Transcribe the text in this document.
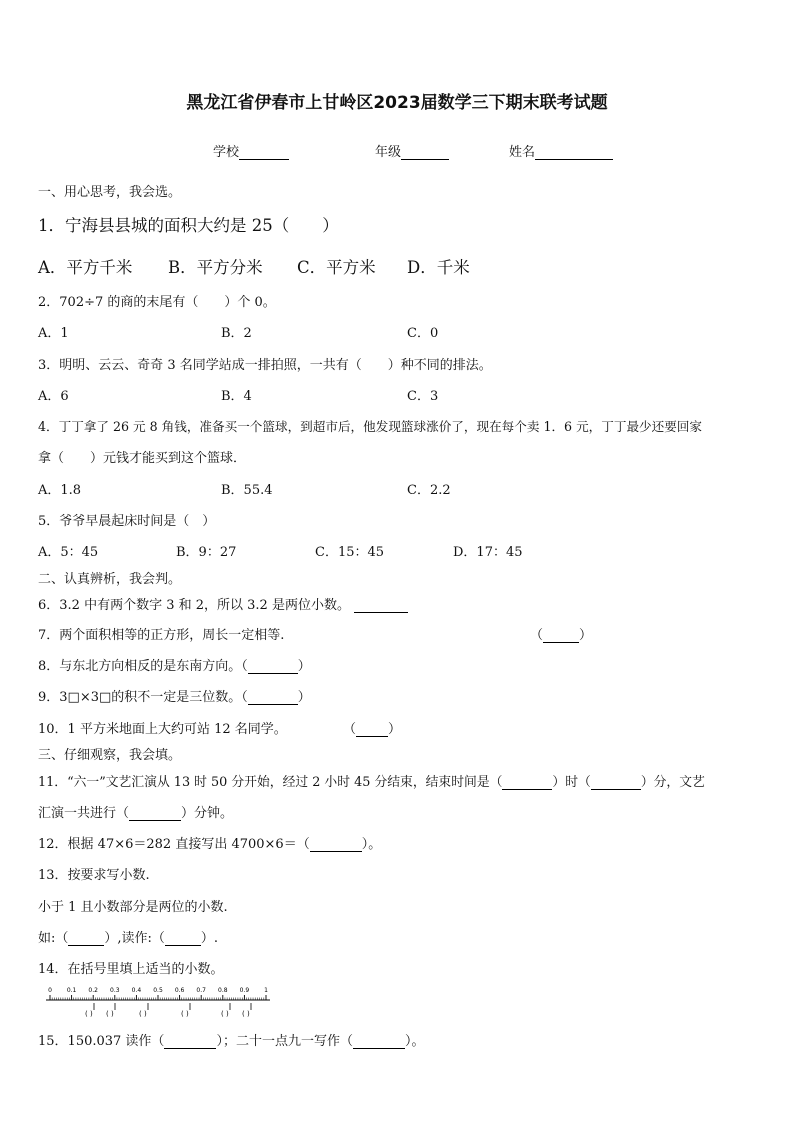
黑龙江省伊春市上甘岭区2023届数学三下期末联考试题
学校	年级	姓名
一、用心思考，我会选。
1．宁海县县城的面积大约是 25（　　）
A．平方千米 B．平方分米 C．平方米 D．千米
2．702÷7 的商的末尾有（　　）个 0。
A．1	B．2	C．0
3．明明、云云、奇奇 3 名同学站成一排拍照，一共有（　　）种不同的排法。
A．6	B．4	C．3
4．丁丁拿了 26 元 8 角钱，准备买一个篮球，到超市后，他发现篮球涨价了，现在每个卖 1．6 元，丁丁最少还要回家
拿（　　）元钱才能买到这个篮球．
A．1.8	B．55.4	C．2.2
5．爷爷早晨起床时间是（　）
A．5：45	B．9：27	C．15：45	D．17：45
二、认真辨析，我会判。
6．3.2 中有两个数字 3 和 2，所以 3.2 是两位小数。
7．两个面积相等的正方形，周长一定相等.	（	）
8．与东北方向相反的是东南方向。（	）
9．3□×3□的积不一定是三位数。（	）
10．1 平方米地面上大约可站 12 名同学。	（ ）
三、仔细观察，我会填。
11．“六一”文艺汇演从 13 时 50 分开始，经过 2 小时 45 分结束，结束时间是（	）时（	）分，文艺
汇演一共进行（	）分钟。
12．根据 47×6＝282 直接写出 4700×6＝（	）。
13．按要求写小数.
小于 1 且小数部分是两位的小数.
如:（	）,读作:（	）.
14．在括号里填上适当的小数。
0 0.1 0.2 0.3 0.4 0.5 0.6 0.7 0.8 0.9 1
( ) ( )	( )	( )	( ) ( )
15．150.037 读作（	）；二十一点九一写作（	）。
